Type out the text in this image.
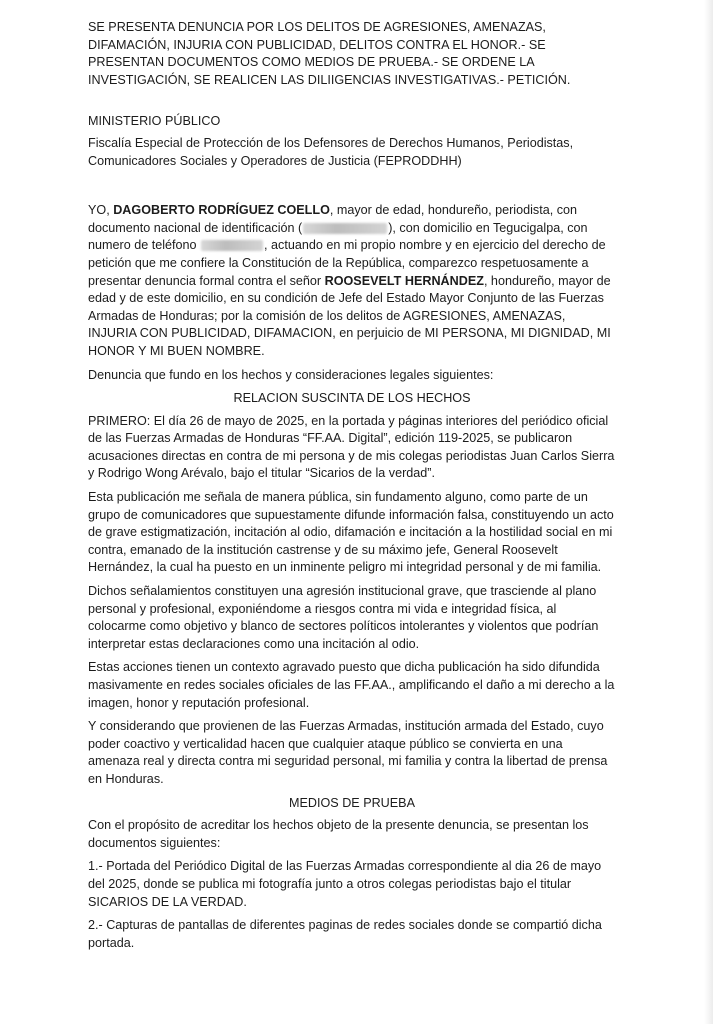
SE PRESENTA DENUNCIA POR LOS DELITOS DE AGRESIONES, AMENAZAS, DIFAMACIÓN, INJURIA CON PUBLICIDAD, DELITOS CONTRA EL HONOR.- SE PRESENTAN DOCUMENTOS COMO MEDIOS DE PRUEBA.- SE ORDENE LA INVESTIGACIÓN, SE REALICEN LAS DILIIGENCIAS INVESTIGATIVAS.- PETICIÓN.

MINISTERIO PÚBLICO

Fiscalía Especial de Protección de los Defensores de Derechos Humanos, Periodistas, Comunicadores Sociales y Operadores de Justicia (FEPRODDHH)

YO, DAGOBERTO RODRÍGUEZ COELLO, mayor de edad, hondureño, periodista, con documento nacional de identificación (	), con domicilio en Tegucigalpa, con numero de teléfono	, actuando en mi propio nombre y en ejercicio del derecho de petición que me confiere la Constitución de la República, comparezco respetuosamente a presentar denuncia formal contra el señor ROOSEVELT HERNÁNDEZ, hondureño, mayor de edad y de este domicilio, en su condición de Jefe del Estado Mayor Conjunto de las Fuerzas Armadas de Honduras; por la comisión de los delitos de AGRESIONES, AMENAZAS, INJURIA CON PUBLICIDAD, DIFAMACION, en perjuicio de MI PERSONA, MI DIGNIDAD, MI HONOR Y MI BUEN NOMBRE.

Denuncia que fundo en los hechos y consideraciones legales siguientes:

RELACION SUSCINTA DE LOS HECHOS

PRIMERO: El día 26 de mayo de 2025, en la portada y páginas interiores del periódico oficial de las Fuerzas Armadas de Honduras “FF.AA. Digital”, edición 119-2025, se publicaron acusaciones directas en contra de mi persona y de mis colegas periodistas Juan Carlos Sierra y Rodrigo Wong Arévalo, bajo el titular “Sicarios de la verdad”.

Esta publicación me señala de manera pública, sin fundamento alguno, como parte de un grupo de comunicadores que supuestamente difunde información falsa, constituyendo un acto de grave estigmatización, incitación al odio, difamación e incitación a la hostilidad social en mi contra, emanado de la institución castrense y de su máximo jefe, General Roosevelt Hernández, la cual ha puesto en un inminente peligro mi integridad personal y de mi familia.

Dichos señalamientos constituyen una agresión institucional grave, que trasciende al plano personal y profesional, exponiéndome a riesgos contra mi vida e integridad física, al colocarme como objetivo y blanco de sectores políticos intolerantes y violentos que podrían interpretar estas declaraciones como una incitación al odio.

Estas acciones tienen un contexto agravado puesto que dicha publicación ha sido difundida masivamente en redes sociales oficiales de las FF.AA., amplificando el daño a mi derecho a la imagen, honor y reputación profesional.

Y considerando que provienen de las Fuerzas Armadas, institución armada del Estado, cuyo poder coactivo y verticalidad hacen que cualquier ataque público se convierta en una amenaza real y directa contra mi seguridad personal, mi familia y contra la libertad de prensa en Honduras.

MEDIOS DE PRUEBA

Con el propósito de acreditar los hechos objeto de la presente denuncia, se presentan los documentos siguientes:

1.- Portada del Periódico Digital de las Fuerzas Armadas correspondiente al dia 26 de mayo del 2025, donde se publica mi fotografía junto a otros colegas periodistas bajo el titular SICARIOS DE LA VERDAD.

2.- Capturas de pantallas de diferentes paginas de redes sociales donde se compartió dicha portada.
